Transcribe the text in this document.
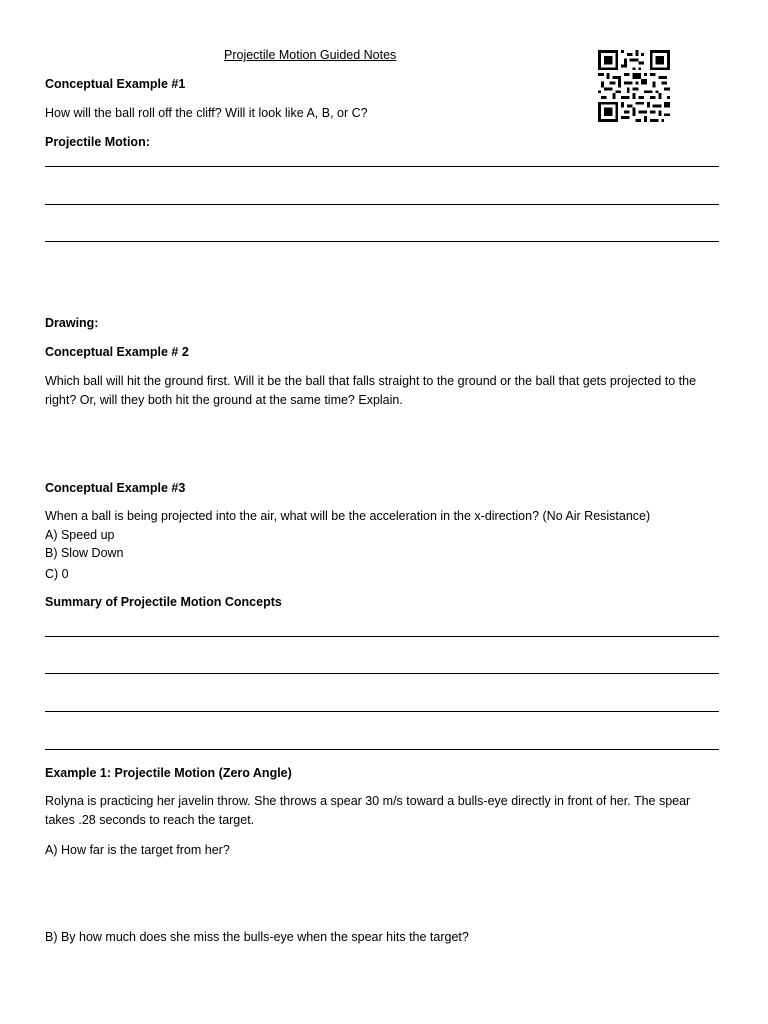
Projectile Motion Guided Notes
Conceptual Example #1
How will the ball roll off the cliff? Will it look like A, B, or C?
Projectile Motion:
Drawing:
Conceptual Example # 2
Which ball will hit the ground first. Will it be the ball that falls straight to the ground or the ball that gets projected to the right? Or, will they both hit the ground at the same time? Explain.
Conceptual Example #3
When a ball is being projected into the air, what will be the acceleration in the x-direction? (No Air Resistance)
A) Speed up
B) Slow Down
C) 0
Summary of Projectile Motion Concepts
Example 1: Projectile Motion (Zero Angle)
Rolyna is practicing her javelin throw. She throws a spear 30 m/s toward a bulls-eye directly in front of her. The spear takes .28 seconds to reach the target.
A) How far is the target from her?
B) By how much does she miss the bulls-eye when the spear hits the target?
